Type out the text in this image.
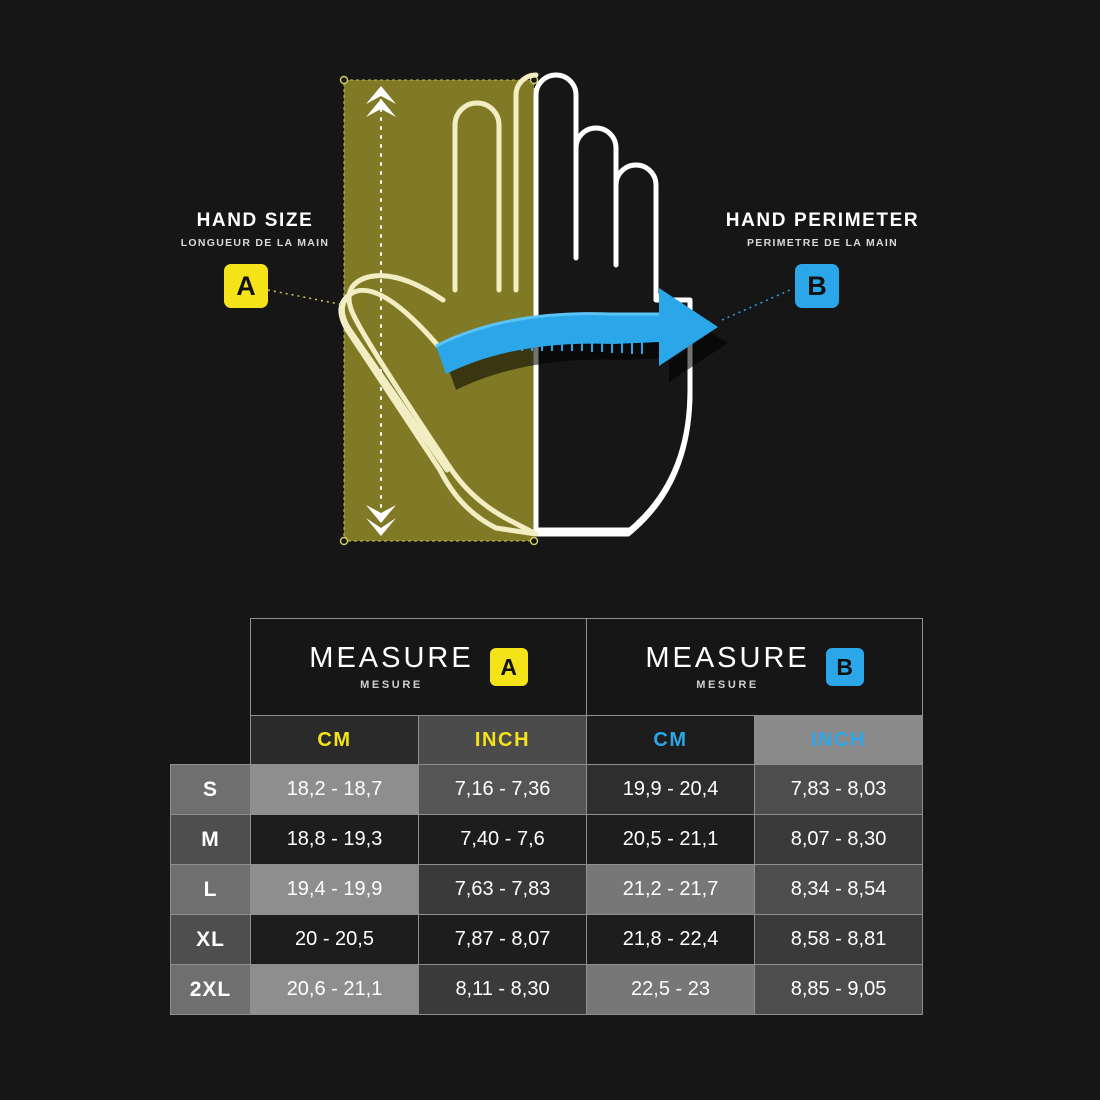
HAND SIZE
LONGUEUR DE LA MAIN
A
HAND PERIMETER
PERIMETRE DE LA MAIN
B

MEASURE
MESURE
A	MEASURE
MESURE
B

	CM	INCH	CM	INCH
S	18,2 - 18,7	7,16 - 7,36	19,9 - 20,4	7,83 - 8,03
M	18,8 - 19,3	7,40 - 7,6	20,5 - 21,1	8,07 - 8,30
L	19,4 - 19,9	7,63 - 7,83	21,2 - 21,7	8,34 - 8,54
XL	20 - 20,5	7,87 - 8,07	21,8 - 22,4	8,58 - 8,81
2XL	20,6 - 21,1	8,11 - 8,30	22,5 - 23	8,85 - 9,05
